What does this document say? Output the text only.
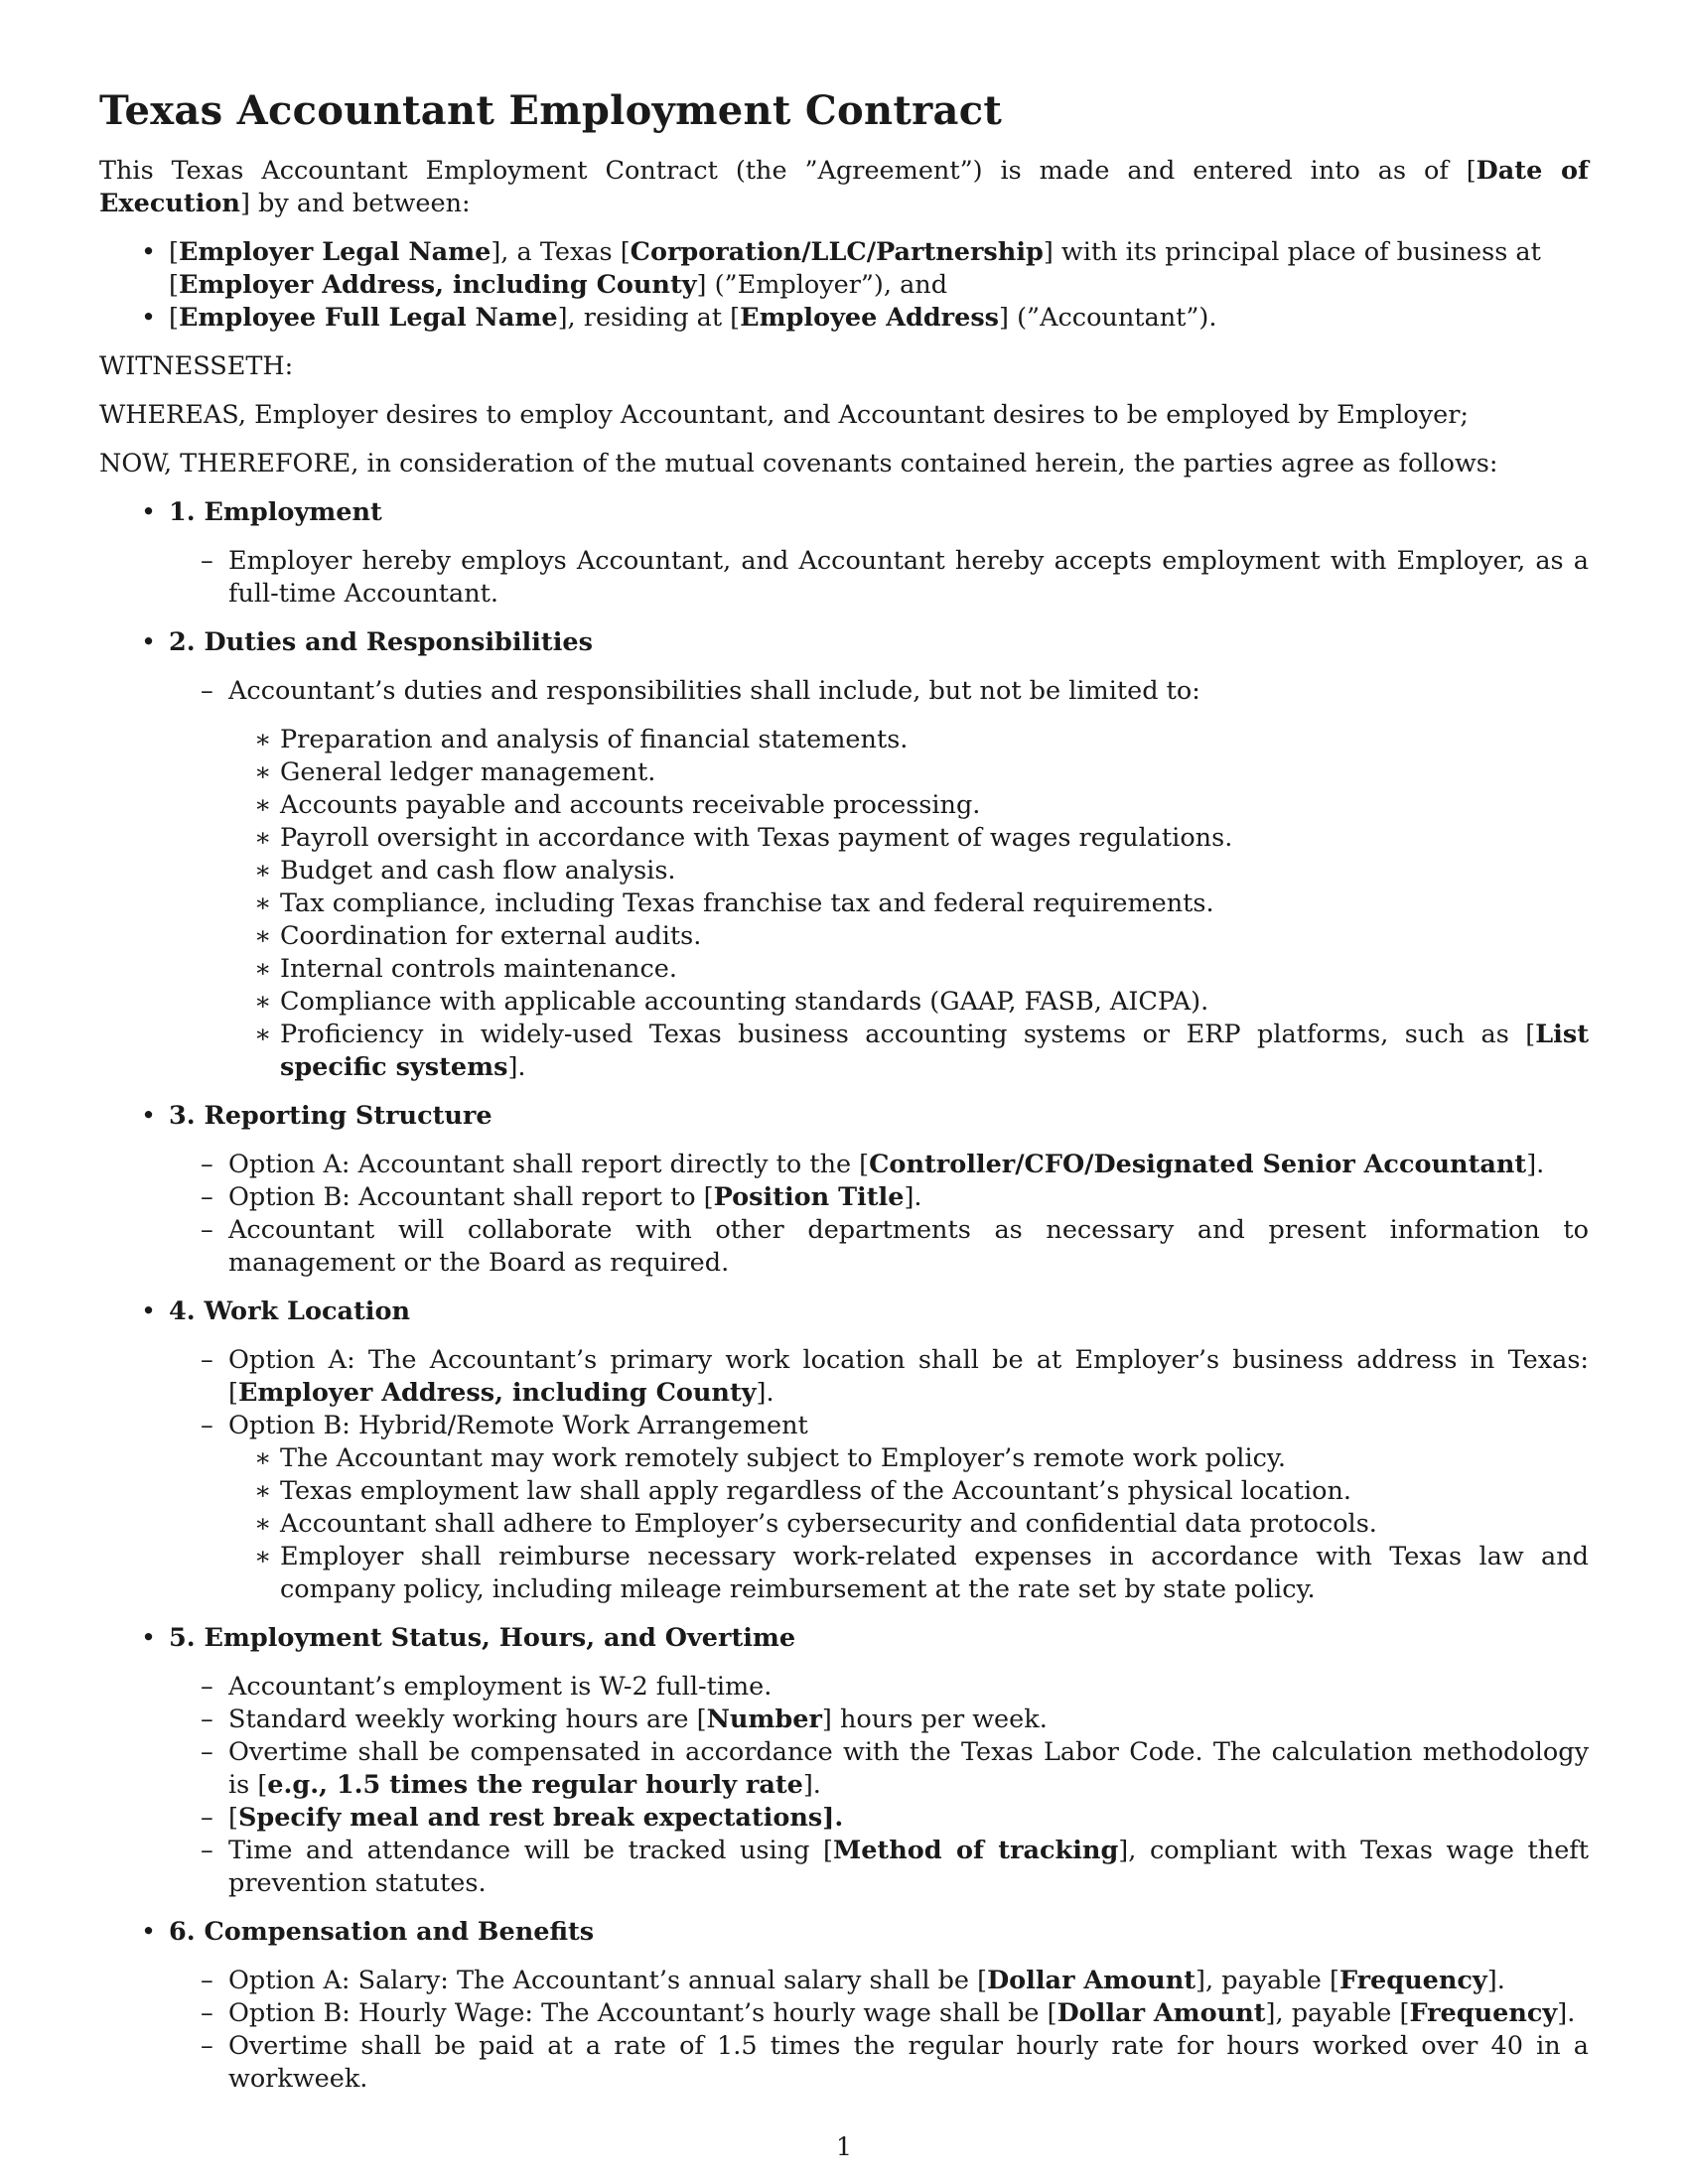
Texas Accountant Employment Contract

This Texas Accountant Employment Contract (the ”Agreement”) is made and entered into as of [Date of Execution] by and between:

• [Employer Legal Name], a Texas [Corporation/LLC/Partnership] with its principal place of business at [Employer Address, including County] (”Employer”), and
• [Employee Full Legal Name], residing at [Employee Address] (”Accountant”).

WITNESSETH:

WHEREAS, Employer desires to employ Accountant, and Accountant desires to be employed by Employer;

NOW, THEREFORE, in consideration of the mutual covenants contained herein, the parties agree as follows:

• 1. Employment
– Employer hereby employs Accountant, and Accountant hereby accepts employment with Employer, as a full-time Accountant.
• 2. Duties and Responsibilities
– Accountant’s duties and responsibilities shall include, but not be limited to:
∗ Preparation and analysis of financial statements.
∗ General ledger management.
∗ Accounts payable and accounts receivable processing.
∗ Payroll oversight in accordance with Texas payment of wages regulations.
∗ Budget and cash flow analysis.
∗ Tax compliance, including Texas franchise tax and federal requirements.
∗ Coordination for external audits.
∗ Internal controls maintenance.
∗ Compliance with applicable accounting standards (GAAP, FASB, AICPA).
∗ Proficiency in widely-used Texas business accounting systems or ERP platforms, such as [List specific systems].
• 3. Reporting Structure
– Option A: Accountant shall report directly to the [Controller/CFO/Designated Senior Accountant].
– Option B: Accountant shall report to [Position Title].
– Accountant will collaborate with other departments as necessary and present information to management or the Board as required.
• 4. Work Location
– Option A: The Accountant’s primary work location shall be at Employer’s business address in Texas: [Employer Address, including County].
– Option B: Hybrid/Remote Work Arrangement
∗ The Accountant may work remotely subject to Employer’s remote work policy.
∗ Texas employment law shall apply regardless of the Accountant’s physical location.
∗ Accountant shall adhere to Employer’s cybersecurity and confidential data protocols.
∗ Employer shall reimburse necessary work-related expenses in accordance with Texas law and company policy, including mileage reimbursement at the rate set by state policy.
• 5. Employment Status, Hours, and Overtime
– Accountant’s employment is W-2 full-time.
– Standard weekly working hours are [Number] hours per week.
– Overtime shall be compensated in accordance with the Texas Labor Code. The calculation methodology is [e.g., 1.5 times the regular hourly rate].
– [Specify meal and rest break expectations].
– Time and attendance will be tracked using [Method of tracking], compliant with Texas wage theft prevention statutes.
• 6. Compensation and Benefits
– Option A: Salary: The Accountant’s annual salary shall be [Dollar Amount], payable [Frequency].
– Option B: Hourly Wage: The Accountant’s hourly wage shall be [Dollar Amount], payable [Frequency].
– Overtime shall be paid at a rate of 1.5 times the regular hourly rate for hours worked over 40 in a workweek.
1
